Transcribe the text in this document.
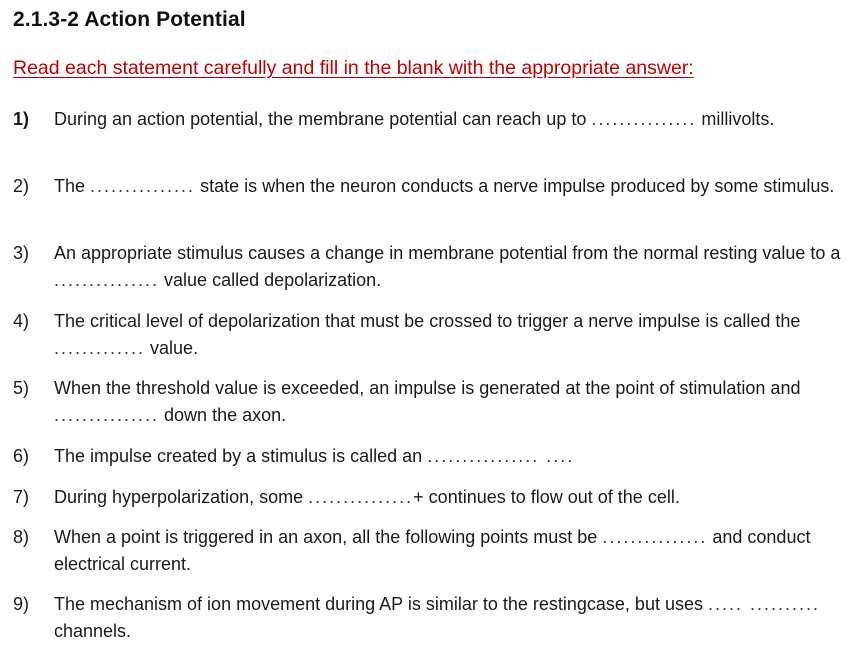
2.1.3-2 Action Potential
Read each statement carefully and fill in the blank with the appropriate answer:
1) During an action potential, the membrane potential can reach up to ............... millivolts.
2) The ............... state is when the neuron conducts a nerve impulse produced by some stimulus.
3) An appropriate stimulus causes a change in membrane potential from the normal resting value to a ............... value called depolarization.
4) The critical level of depolarization that must be crossed to trigger a nerve impulse is called the ............. value.
5) When the threshold value is exceeded, an impulse is generated at the point of stimulation and ............... down the axon.
6) The impulse created by a stimulus is called an ................ ....
7) During hyperpolarization, some ...............+ continues to flow out of the cell.
8) When a point is triggered in an axon, all the following points must be ............... and conduct electrical current.
9) The mechanism of ion movement during AP is similar to the restingcase, but uses ..... .......... channels.
